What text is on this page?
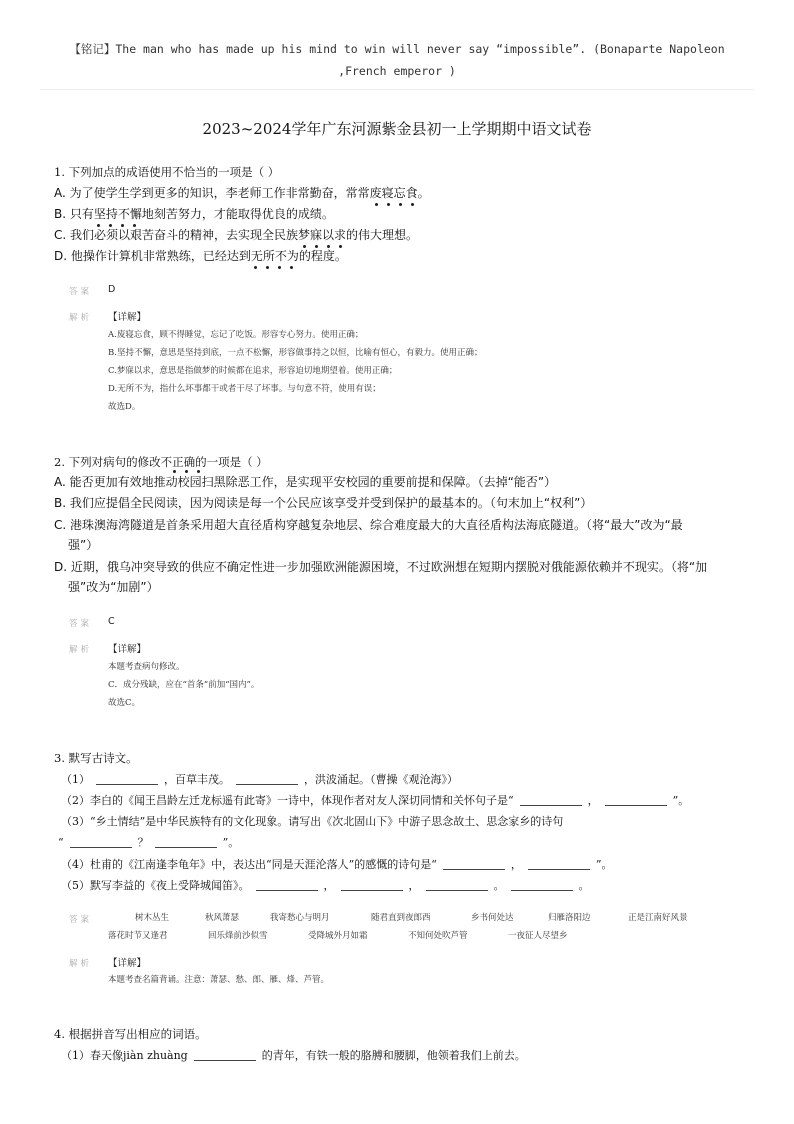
【铭记】The man who has made up his mind to win will never say “impossible”. (Bonaparte Napoleon
,French emperor )
2023~2024学年广东河源紫金县初一上学期期中语文试卷
1. 下列加点的成语使用不恰当的一项是（ ）
A. 为了使学生学到更多的知识，李老师工作非常勤奋，常常废寝忘食。
B. 只有坚持不懈地刻苦努力，才能取得优良的成绩。
C. 我们必须以艰苦奋斗的精神，去实现全民族梦寐以求的伟大理想。
D. 他操作计算机非常熟练，已经达到无所不为的程度。
答案 D
解析 【详解】
A.废寝忘食，顾不得睡觉，忘记了吃饭。形容专心努力。使用正确；
B.坚持不懈，意思是坚持到底，一点不松懈，形容做事持之以恒，比喻有恒心，有毅力。使用正确；
C.梦寐以求，意思是指做梦的时候都在追求，形容迫切地期望着。使用正确；
D.无所不为，指什么坏事都干或者干尽了坏事。与句意不符，使用有误；
故选D。
2. 下列对病句的修改不正确的一项是（ ）
A. 能否更加有效地推动校园扫黑除恶工作，是实现平安校园的重要前提和保障。（去掉“能否”）
B. 我们应提倡全民阅读，因为阅读是每一个公民应该享受并受到保护的最基本的。（句末加上“权利”）
C. 港珠澳海湾隧道是首条采用超大直径盾构穿越复杂地层、综合难度最大的大直径盾构法海底隧道。（将“最大”改为“最
强”）
D. 近期，俄乌冲突导致的供应不确定性进一步加强欧洲能源困境，不过欧洲想在短期内摆脱对俄能源依赖并不现实。（将“加
强”改为“加剧”）
答案 C
解析 【详解】
本题考查病句修改。
C．成分残缺，应在“首条”前加“国内”。
故选C。
3. 默写古诗文。
（1）	，百草丰茂。	，洪波涌起。（曹操《观沧海》）
（2）李白的《闻王昌龄左迁龙标遥有此寄》一诗中，体现作者对友人深切同情和关怀句子是“	，	”。
（3）“乡土情结”是中华民族特有的文化现象。请写出《次北固山下》中游子思念故土、思念家乡的诗句
“	？	”。
（4）杜甫的《江南逢李龟年》中，表达出“同是天涯沦落人”的感慨的诗句是“	，	”。
（5）默写李益的《夜上受降城闻笛》。	，	，	。	。
答案	树木丛生	秋风萧瑟	我寄愁心与明月	随君直到夜郎西	乡书何处达	归雁洛阳边	正是江南好风景
落花时节又逢君	回乐烽前沙似雪	受降城外月如霜	不知何处吹芦管	一夜征人尽望乡
解析 【详解】
本题考查名篇背诵。注意：萧瑟、愁、郎、雁、烽、芦管。
4. 根据拼音写出相应的词语。
（1）春天像jiàn zhuàng	的青年，有铁一般的胳膊和腰脚，他领着我们上前去。
